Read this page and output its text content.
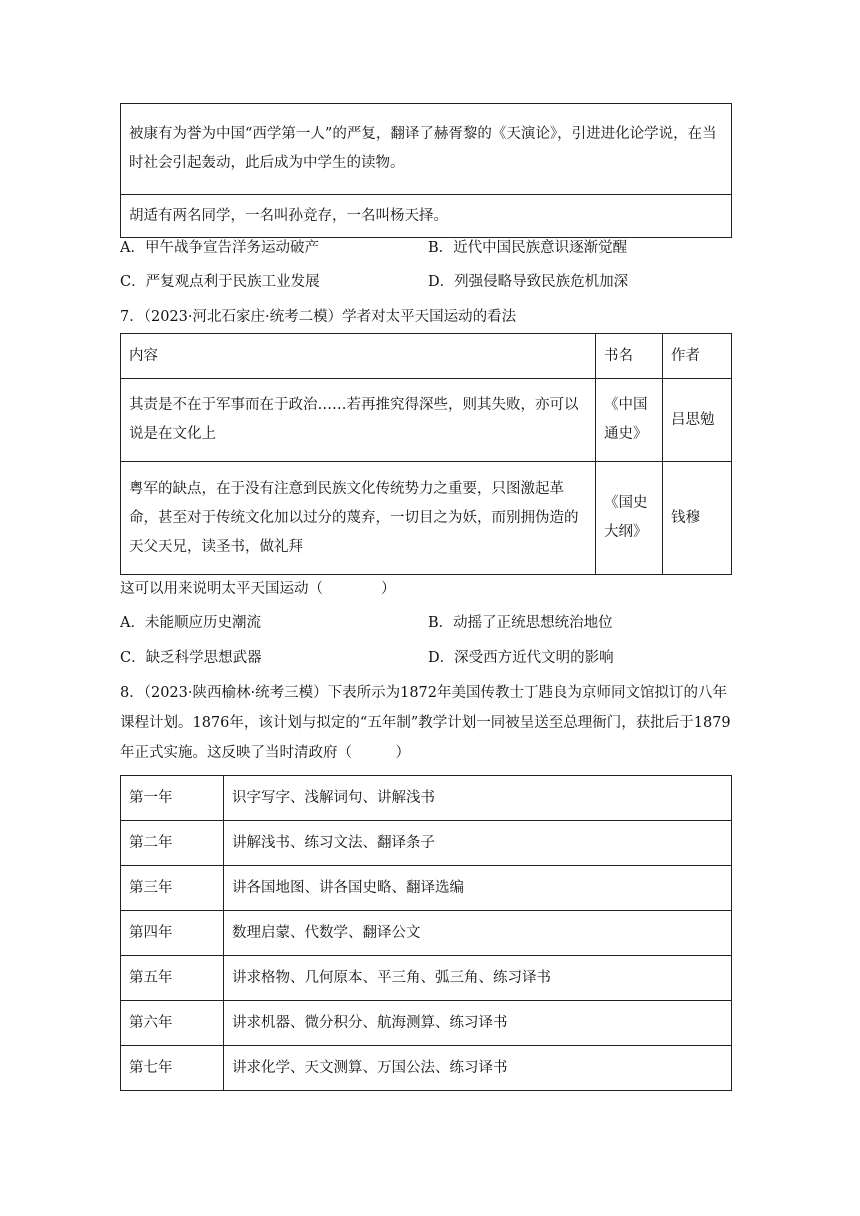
被康有为誉为中国“西学第一人”的严复，翻译了赫胥黎的《天演论》，引进进化论学说，在当时社会引起轰动，此后成为中学生的读物。
胡适有两名同学，一名叫孙竞存，一名叫杨天择。
A．甲午战争宣告洋务运动破产	B．近代中国民族意识逐渐觉醒
C．严复观点利于民族工业发展	D．列强侵略导致民族危机加深
7．（2023·河北石家庄·统考二模）学者对太平天国运动的看法
内容	书名	作者
其责是不在于军事而在于政治……若再推究得深些，则其失败，亦可以说是在文化上	《中国通史》	吕思勉
粤军的缺点，在于没有注意到民族文化传统势力之重要，只图激起革命，甚至对于传统文化加以过分的蔑弃，一切目之为妖，而别拥伪造的天父天兄，读圣书，做礼拜	《国史大纲》	钱穆
这可以用来说明太平天国运动（　　　　）
A．未能顺应历史潮流	B．动摇了正统思想统治地位
C．缺乏科学思想武器	D．深受西方近代文明的影响
8．（2023·陕西榆林·统考三模）下表所示为1872年美国传教士丁韪良为京师同文馆拟订的八年课程计划。1876年，该计划与拟定的“五年制”教学计划一同被呈送至总理衙门，获批后于1879年正式实施。这反映了当时清政府（　　　）
第一年	识字写字、浅解词句、讲解浅书
第二年	讲解浅书、练习文法、翻译条子
第三年	讲各国地图、讲各国史略、翻译选编
第四年	数理启蒙、代数学、翻译公文
第五年	讲求格物、几何原本、平三角、弧三角、练习译书
第六年	讲求机器、微分积分、航海测算、练习译书
第七年	讲求化学、天文测算、万国公法、练习译书
